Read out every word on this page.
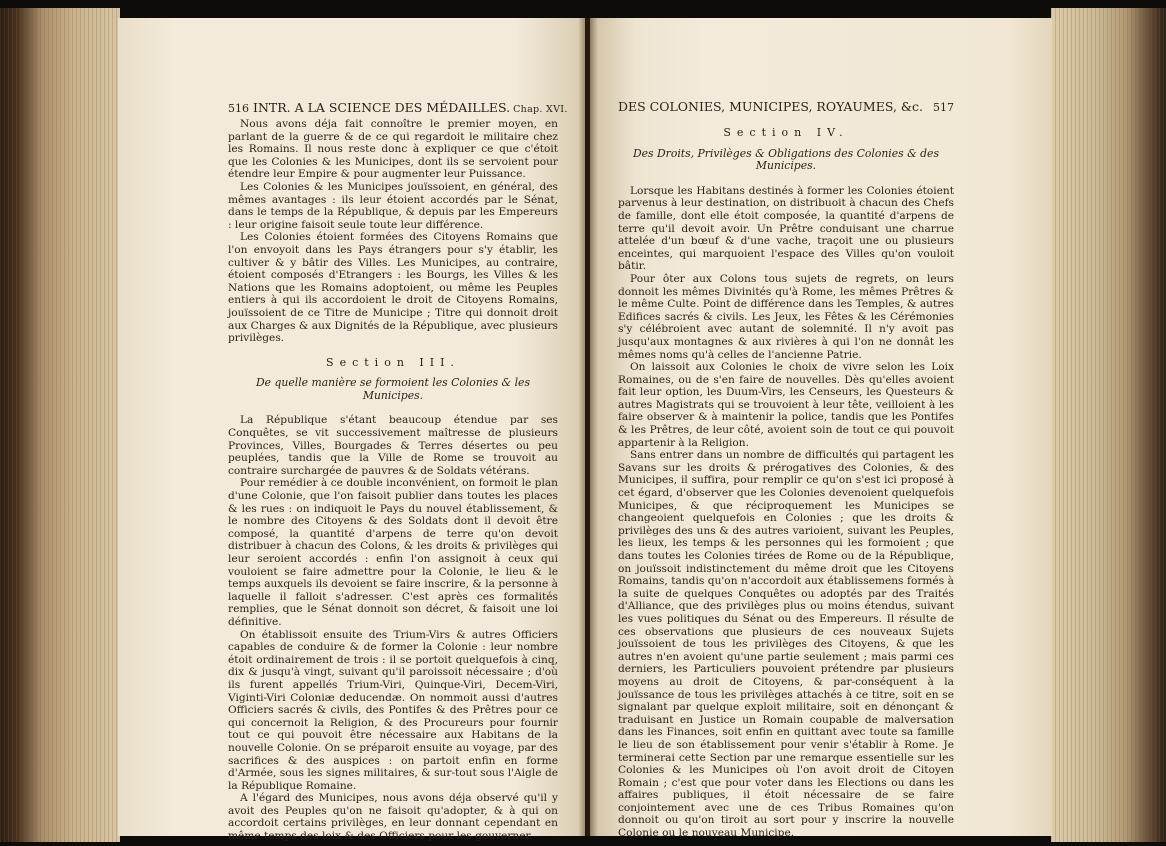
516 INTR. A LA SCIENCE DES MÉDAILLES. Chap. XVI.

Nous avons déja fait connoître le premier moyen, en parlant de la guerre & de ce qui regardoit le militaire chez les Romains. Il nous reste donc à expliquer ce que c'étoit que les Colonies & les Municipes, dont ils se servoient pour étendre leur Empire & pour augmenter leur Puissance.

Les Colonies & les Municipes jouïssoient, en général, des mêmes avantages : ils leur étoient accordés par le Sénat, dans le temps de la République, & depuis par les Empereurs : leur origine faisoit seule toute leur différence.

Les Colonies étoient formées des Citoyens Romains que l'on envoyoit dans les Pays étrangers pour s'y établir, les cultiver & y bâtir des Villes. Les Municipes, au contraire, étoient composés d'Etrangers : les Bourgs, les Villes & les Nations que les Romains adoptoient, ou même les Peuples entiers à qui ils accordoient le droit de Citoyens Romains, jouïssoient de ce Titre de Municipe ; Titre qui donnoit droit aux Charges & aux Dignités de la République, avec plusieurs privilèges.

Section III.

De quelle manière se formoient les Colonies & les Municipes.

La République s'étant beaucoup étendue par ses Conquêtes, se vit successivement maîtresse de plusieurs Provinces, Villes, Bourgades & Terres désertes ou peu peuplées, tandis que la Ville de Rome se trouvoit au contraire surchargée de pauvres & de Soldats vétérans.

Pour remédier à ce double inconvénient, on formoit le plan d'une Colonie, que l'on faisoit publier dans toutes les places & les rues : on indiquoit le Pays du nouvel établissement, & le nombre des Citoyens & des Soldats dont il devoit être composé, la quantité d'arpens de terre qu'on devoit distribuer à chacun des Colons, & les droits & privilèges qui leur seroient accordés : enfin l'on assignoit à ceux qui vouloient se faire admettre pour la Colonie, le lieu & le temps auxquels ils devoient se faire inscrire, & la personne à laquelle il falloit s'adresser. C'est après ces formalités remplies, que le Sénat donnoit son décret, & faisoit une loi définitive.

On établissoit ensuite des Trium-Virs & autres Officiers capables de conduire & de former la Colonie : leur nombre étoit ordinairement de trois : il se portoit quelquefois à cinq, dix & jusqu'à vingt, suivant qu'il paroissoit nécessaire ; d'où ils furent appellés Trium-Viri, Quinque-Viri, Decem-Viri, Viginti-Viri Coloniæ deducendæ. On nommoit aussi d'autres Officiers sacrés & civils, des Pontifes & des Prêtres pour ce qui concernoit la Religion, & des Procureurs pour fournir tout ce qui pouvoit être nécessaire aux Habitans de la nouvelle Colonie. On se préparoit ensuite au voyage, par des sacrifices & des auspices : on partoit enfin en forme d'Armée, sous les signes militaires, & sur-tout sous l'Aigle de la République Romaine.

A l'égard des Municipes, nous avons déja observé qu'il y avoit des Peuples qu'on ne faisoit qu'adopter, & à qui on accordoit certains privilèges, en leur donnant cependant en même temps des loix & des Officiers pour les gouverner.

DES COLONIES, MUNICIPES, ROYAUMES, &c. 517

Section IV.

Des Droits, Privilèges & Obligations des Colonies & des Municipes.

Lorsque les Habitans destinés à former les Colonies étoient parvenus à leur destination, on distribuoit à chacun des Chefs de famille, dont elle étoit composée, la quantité d'arpens de terre qu'il devoit avoir. Un Prêtre conduisant une charrue attelée d'un bœuf & d'une vache, traçoit une ou plusieurs enceintes, qui marquoient l'espace des Villes qu'on vouloit bâtir.

Pour ôter aux Colons tous sujets de regrets, on leurs donnoit les mêmes Divinités qu'à Rome, les mêmes Prêtres & le même Culte. Point de différence dans les Temples, & autres Edifices sacrés & civils. Les Jeux, les Fêtes & les Cérémonies s'y célébroient avec autant de solemnité. Il n'y avoit pas jusqu'aux montagnes & aux rivières à qui l'on ne donnât les mêmes noms qu'à celles de l'ancienne Patrie.

On laissoit aux Colonies le choix de vivre selon les Loix Romaines, ou de s'en faire de nouvelles. Dès qu'elles avoient fait leur option, les Duum-Virs, les Censeurs, les Questeurs & autres Magistrats qui se trouvoient à leur tête, veilloient à les faire observer & à maintenir la police, tandis que les Pontifes & les Prêtres, de leur côté, avoient soin de tout ce qui pouvoit appartenir à la Religion.

Sans entrer dans un nombre de difficultés qui partagent les Savans sur les droits & prérogatives des Colonies, & des Municipes, il suffira, pour remplir ce qu'on s'est ici proposé à cet égard, d'observer que les Colonies devenoient quelquefois Municipes, & que réciproquement les Municipes se changeoient quelquefois en Colonies ; que les droits & privilèges des uns & des autres varioient, suivant les Peuples, les lieux, les temps & les personnes qui les formoient ; que dans toutes les Colonies tirées de Rome ou de la République, on jouïssoit indistinctement du même droit que les Citoyens Romains, tandis qu'on n'accordoit aux établissemens formés à la suite de quelques Conquêtes ou adoptés par des Traités d'Alliance, que des privilèges plus ou moins étendus, suivant les vues politiques du Sénat ou des Empereurs. Il résulte de ces observations que plusieurs de ces nouveaux Sujets jouïssoient de tous les privilèges des Citoyens, & que les autres n'en avoient qu'une partie seulement ; mais parmi ces derniers, les Particuliers pouvoient prétendre par plusieurs moyens au droit de Citoyens, & par-conséquent à la jouïssance de tous les privilèges attachés à ce titre, soit en se signalant par quelque exploit militaire, soit en dénonçant & traduisant en Justice un Romain coupable de malversation dans les Finances, soit enfin en quittant avec toute sa famille le lieu de son établissement pour venir s'établir à Rome. Je terminerai cette Section par une remarque essentielle sur les Colonies & les Municipes où l'on avoit droit de Citoyen Romain ; c'est que pour voter dans les Elections ou dans les affaires publiques, il étoit nécessaire de se faire conjointement avec une de ces Tribus Romaines qu'on donnoit ou qu'on tiroit au sort pour y inscrire la nouvelle Colonie ou le nouveau Municipe.
